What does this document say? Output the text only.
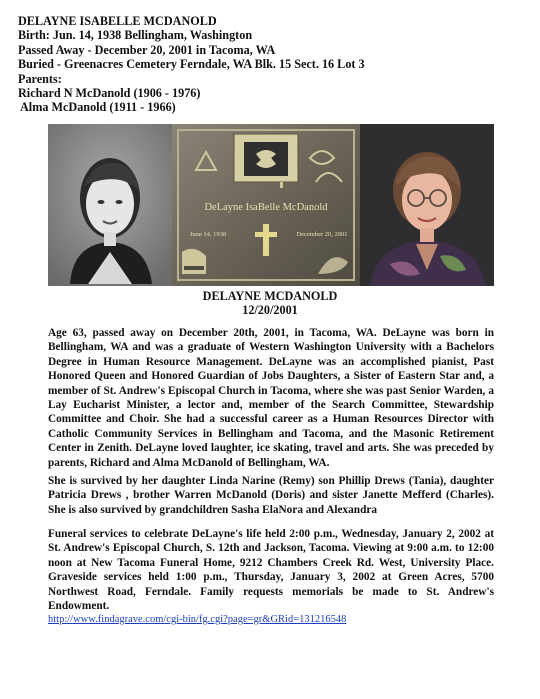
DELAYNE ISABELLE MCDANOLD
Birth: Jun. 14, 1938 Bellingham, Washington
Passed Away - December 20, 2001 in Tacoma, WA
Buried - Greenacres Cemetery Ferndale, WA Blk. 15 Sect. 16 Lot 3
Parents:
Richard N McDanold (1906 - 1976)
Alma McDanold (1911 - 1966)
DeLayne IsaBelle McDanold
June 14, 1938	December 20, 2001
DELAYNE MCDANOLD
12/20/2001

Age 63, passed away on December 20th, 2001, in Tacoma, WA. DeLayne was born in Bellingham, WA and was a graduate of Western Washington University with a Bachelors Degree in Human Resource Management. DeLayne was an accomplished pianist, Past Honored Queen and Honored Guardian of Jobs Daughters, a Sister of Eastern Star and, a member of St. Andrew's Episcopal Church in Tacoma, where she was past Senior Warden, a Lay Eucharist Minister, a lector and, member of the Search Committee, Stewardship Committee and Choir. She had a successful career as a Human Resources Director with Catholic Community Services in Bellingham and Tacoma, and the Masonic Retirement Center in Zenith. DeLayne loved laughter, ice skating, travel and arts. She was preceded by parents, Richard and Alma McDanold of Bellingham, WA.

She is survived by her daughter Linda Narine (Remy) son Phillip Drews (Tania), daughter Patricia Drews , brother Warren McDanold (Doris) and sister Janette Mefferd (Charles). She is also survived by grandchildren Sasha ElaNora and Alexandra

Funeral services to celebrate DeLayne's life held 2:00 p.m., Wednesday, January 2, 2002 at St. Andrew's Episcopal Church, S. 12th and Jackson, Tacoma. Viewing at 9:00 a.m. to 12:00 noon at New Tacoma Funeral Home, 9212 Chambers Creek Rd. West, University Place. Graveside services held 1:00 p.m., Thursday, January 3, 2002 at Green Acres, 5700 Northwest Road, Ferndale. Family requests memorials be made to St. Andrew's Endowment.

http://www.findagrave.com/cgi-bin/fg.cgi?page=gr&GRid=131216548
